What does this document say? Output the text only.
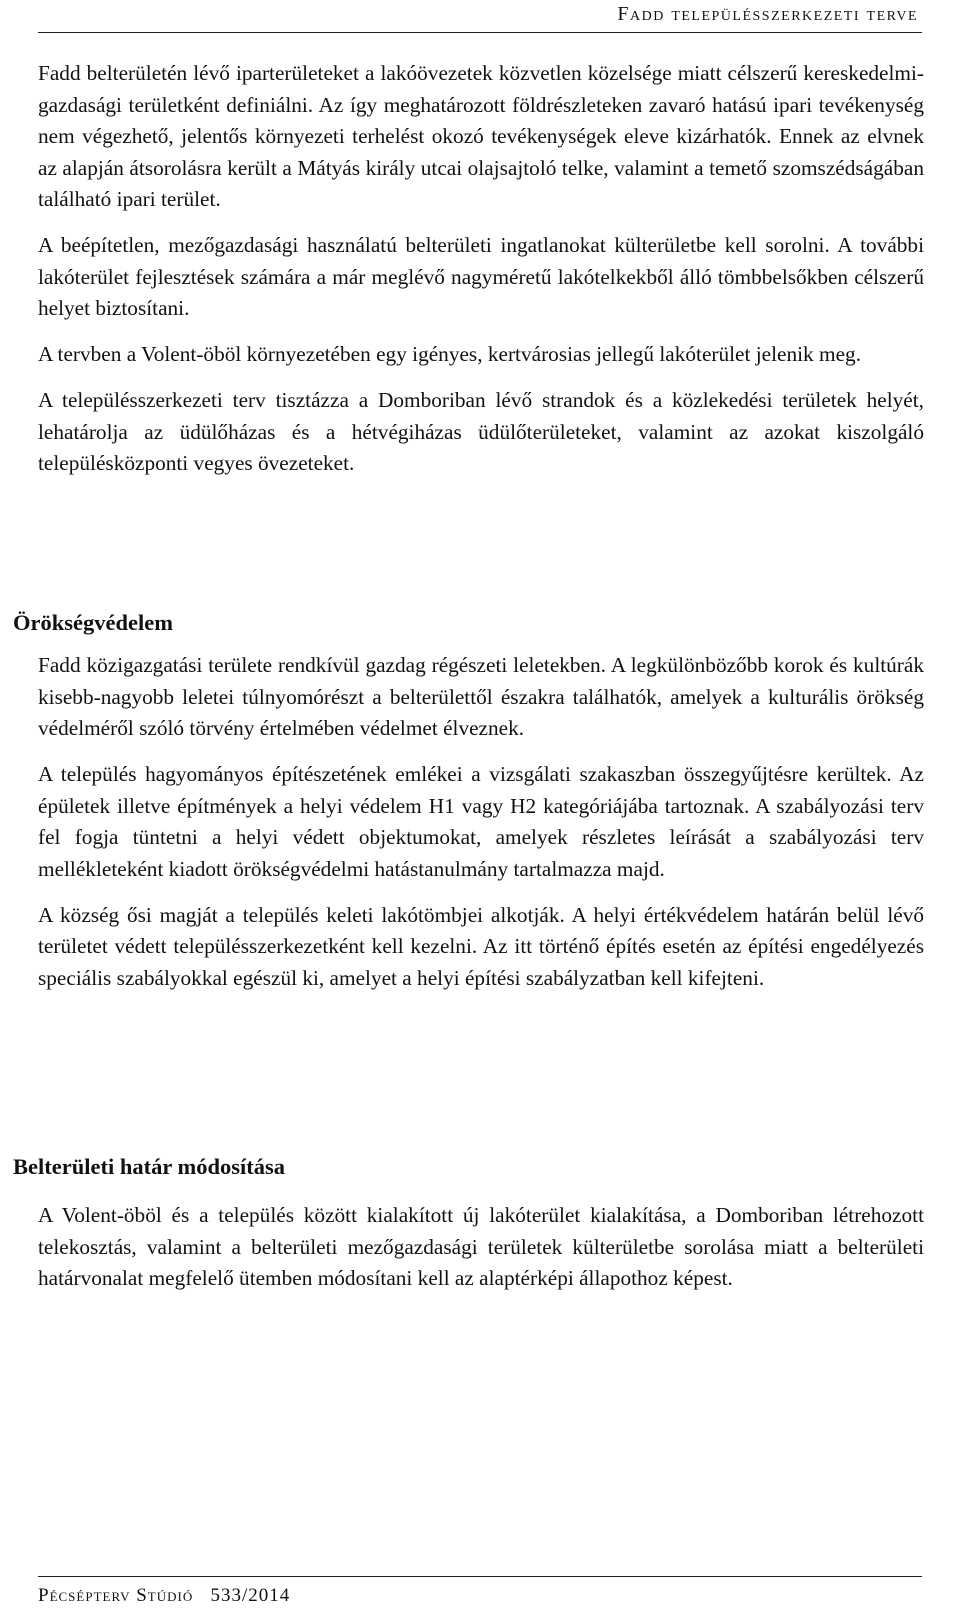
Fadd településszerkezeti terve

Fadd belterületén lévő iparterületeket a lakóövezetek közvetlen közelsége miatt célszerű kereskedelmi-gazdasági területként definiálni. Az így meghatározott földrészleteken zavaró hatású ipari tevékenység nem végezhető, jelentős környezeti terhelést okozó tevékenységek eleve kizárhatók. Ennek az elvnek az alapján átsorolásra került a Mátyás király utcai olajsajtoló telke, valamint a temető szomszédságában található ipari terület.

A beépítetlen, mezőgazdasági használatú belterületi ingatlanokat külterületbe kell sorolni. A további lakóterület fejlesztések számára a már meglévő nagyméretű lakótelkekből álló tömbbelsőkben célszerű helyet biztosítani.

A tervben a Volent-öböl környezetében egy igényes, kertvárosias jellegű lakóterület jelenik meg.

A településszerkezeti terv tisztázza a Domboriban lévő strandok és a közlekedési területek helyét, lehatárolja az üdülőházas és a hétvégiházas üdülőterületeket, valamint az azokat kiszolgáló településközponti vegyes övezeteket.

Örökségvédelem

Fadd közigazgatási területe rendkívül gazdag régészeti leletekben. A legkülönbözőbb korok és kultúrák kisebb-nagyobb leletei túlnyomórészt a belterülettől északra találhatók, amelyek a kulturális örökség védelméről szóló törvény értelmében védelmet élveznek.

A település hagyományos építészetének emlékei a vizsgálati szakaszban összegyűjtésre kerültek. Az épületek illetve építmények a helyi védelem H1 vagy H2 kategóriájába tartoznak. A szabályozási terv fel fogja tüntetni a helyi védett objektumokat, amelyek részletes leírását a szabályozási terv mellékleteként kiadott örökségvédelmi hatástanulmány tartalmazza majd.

A község ősi magját a település keleti lakótömbjei alkotják. A helyi értékvédelem határán belül lévő területet védett településszerkezetként kell kezelni. Az itt történő építés esetén az építési engedélyezés speciális szabályokkal egészül ki, amelyet a helyi építési szabályzatban kell kifejteni.

Belterületi határ módosítása

A Volent-öböl és a település között kialakított új lakóterület kialakítása, a Domboriban létrehozott telekosztás, valamint a belterületi mezőgazdasági területek külterületbe sorolása miatt a belterületi határvonalat megfelelő ütemben módosítani kell az alaptérképi állapothoz képest.

Pécsépterv Stúdió   533/2014
